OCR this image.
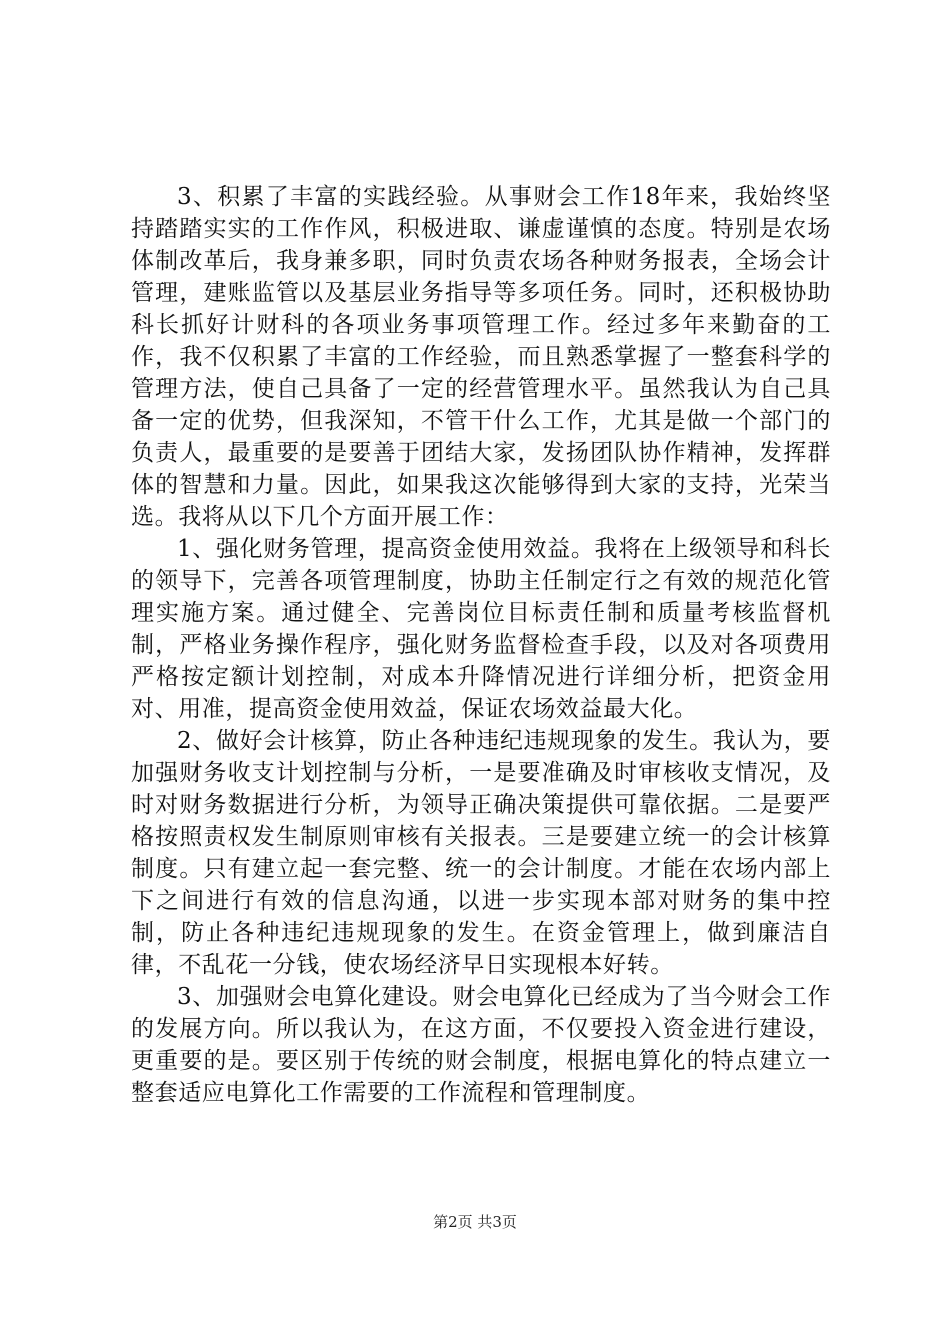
3、积累了丰富的实践经验。从事财会工作18年来，我始终坚持踏踏实实的工作作风，积极进取、谦虚谨慎的态度。特别是农场体制改革后，我身兼多职，同时负责农场各种财务报表，全场会计管理，建账监管以及基层业务指导等多项任务。同时，还积极协助科长抓好计财科的各项业务事项管理工作。经过多年来勤奋的工作，我不仅积累了丰富的工作经验，而且熟悉掌握了一整套科学的管理方法，使自己具备了一定的经营管理水平。虽然我认为自己具备一定的优势，但我深知，不管干什么工作，尤其是做一个部门的负责人，最重要的是要善于团结大家，发扬团队协作精神，发挥群体的智慧和力量。因此，如果我这次能够得到大家的支持，光荣当选。我将从以下几个方面开展工作：

1、强化财务管理，提高资金使用效益。我将在上级领导和科长的领导下，完善各项管理制度，协助主任制定行之有效的规范化管理实施方案。通过健全、完善岗位目标责任制和质量考核监督机制，严格业务操作程序，强化财务监督检查手段，以及对各项费用严格按定额计划控制，对成本升降情况进行详细分析，把资金用对、用准，提高资金使用效益，保证农场效益最大化。

2、做好会计核算，防止各种违纪违规现象的发生。我认为，要加强财务收支计划控制与分析，一是要准确及时审核收支情况，及时对财务数据进行分析，为领导正确决策提供可靠依据。二是要严格按照责权发生制原则审核有关报表。三是要建立统一的会计核算制度。只有建立起一套完整、统一的会计制度。才能在农场内部上下之间进行有效的信息沟通，以进一步实现本部对财务的集中控制，防止各种违纪违规现象的发生。在资金管理上，做到廉洁自律，不乱花一分钱，使农场经济早日实现根本好转。

3、加强财会电算化建设。财会电算化已经成为了当今财会工作的发展方向。所以我认为，在这方面，不仅要投入资金进行建设，更重要的是。要区别于传统的财会制度，根据电算化的特点建立一整套适应电算化工作需要的工作流程和管理制度。

第2页 共3页
